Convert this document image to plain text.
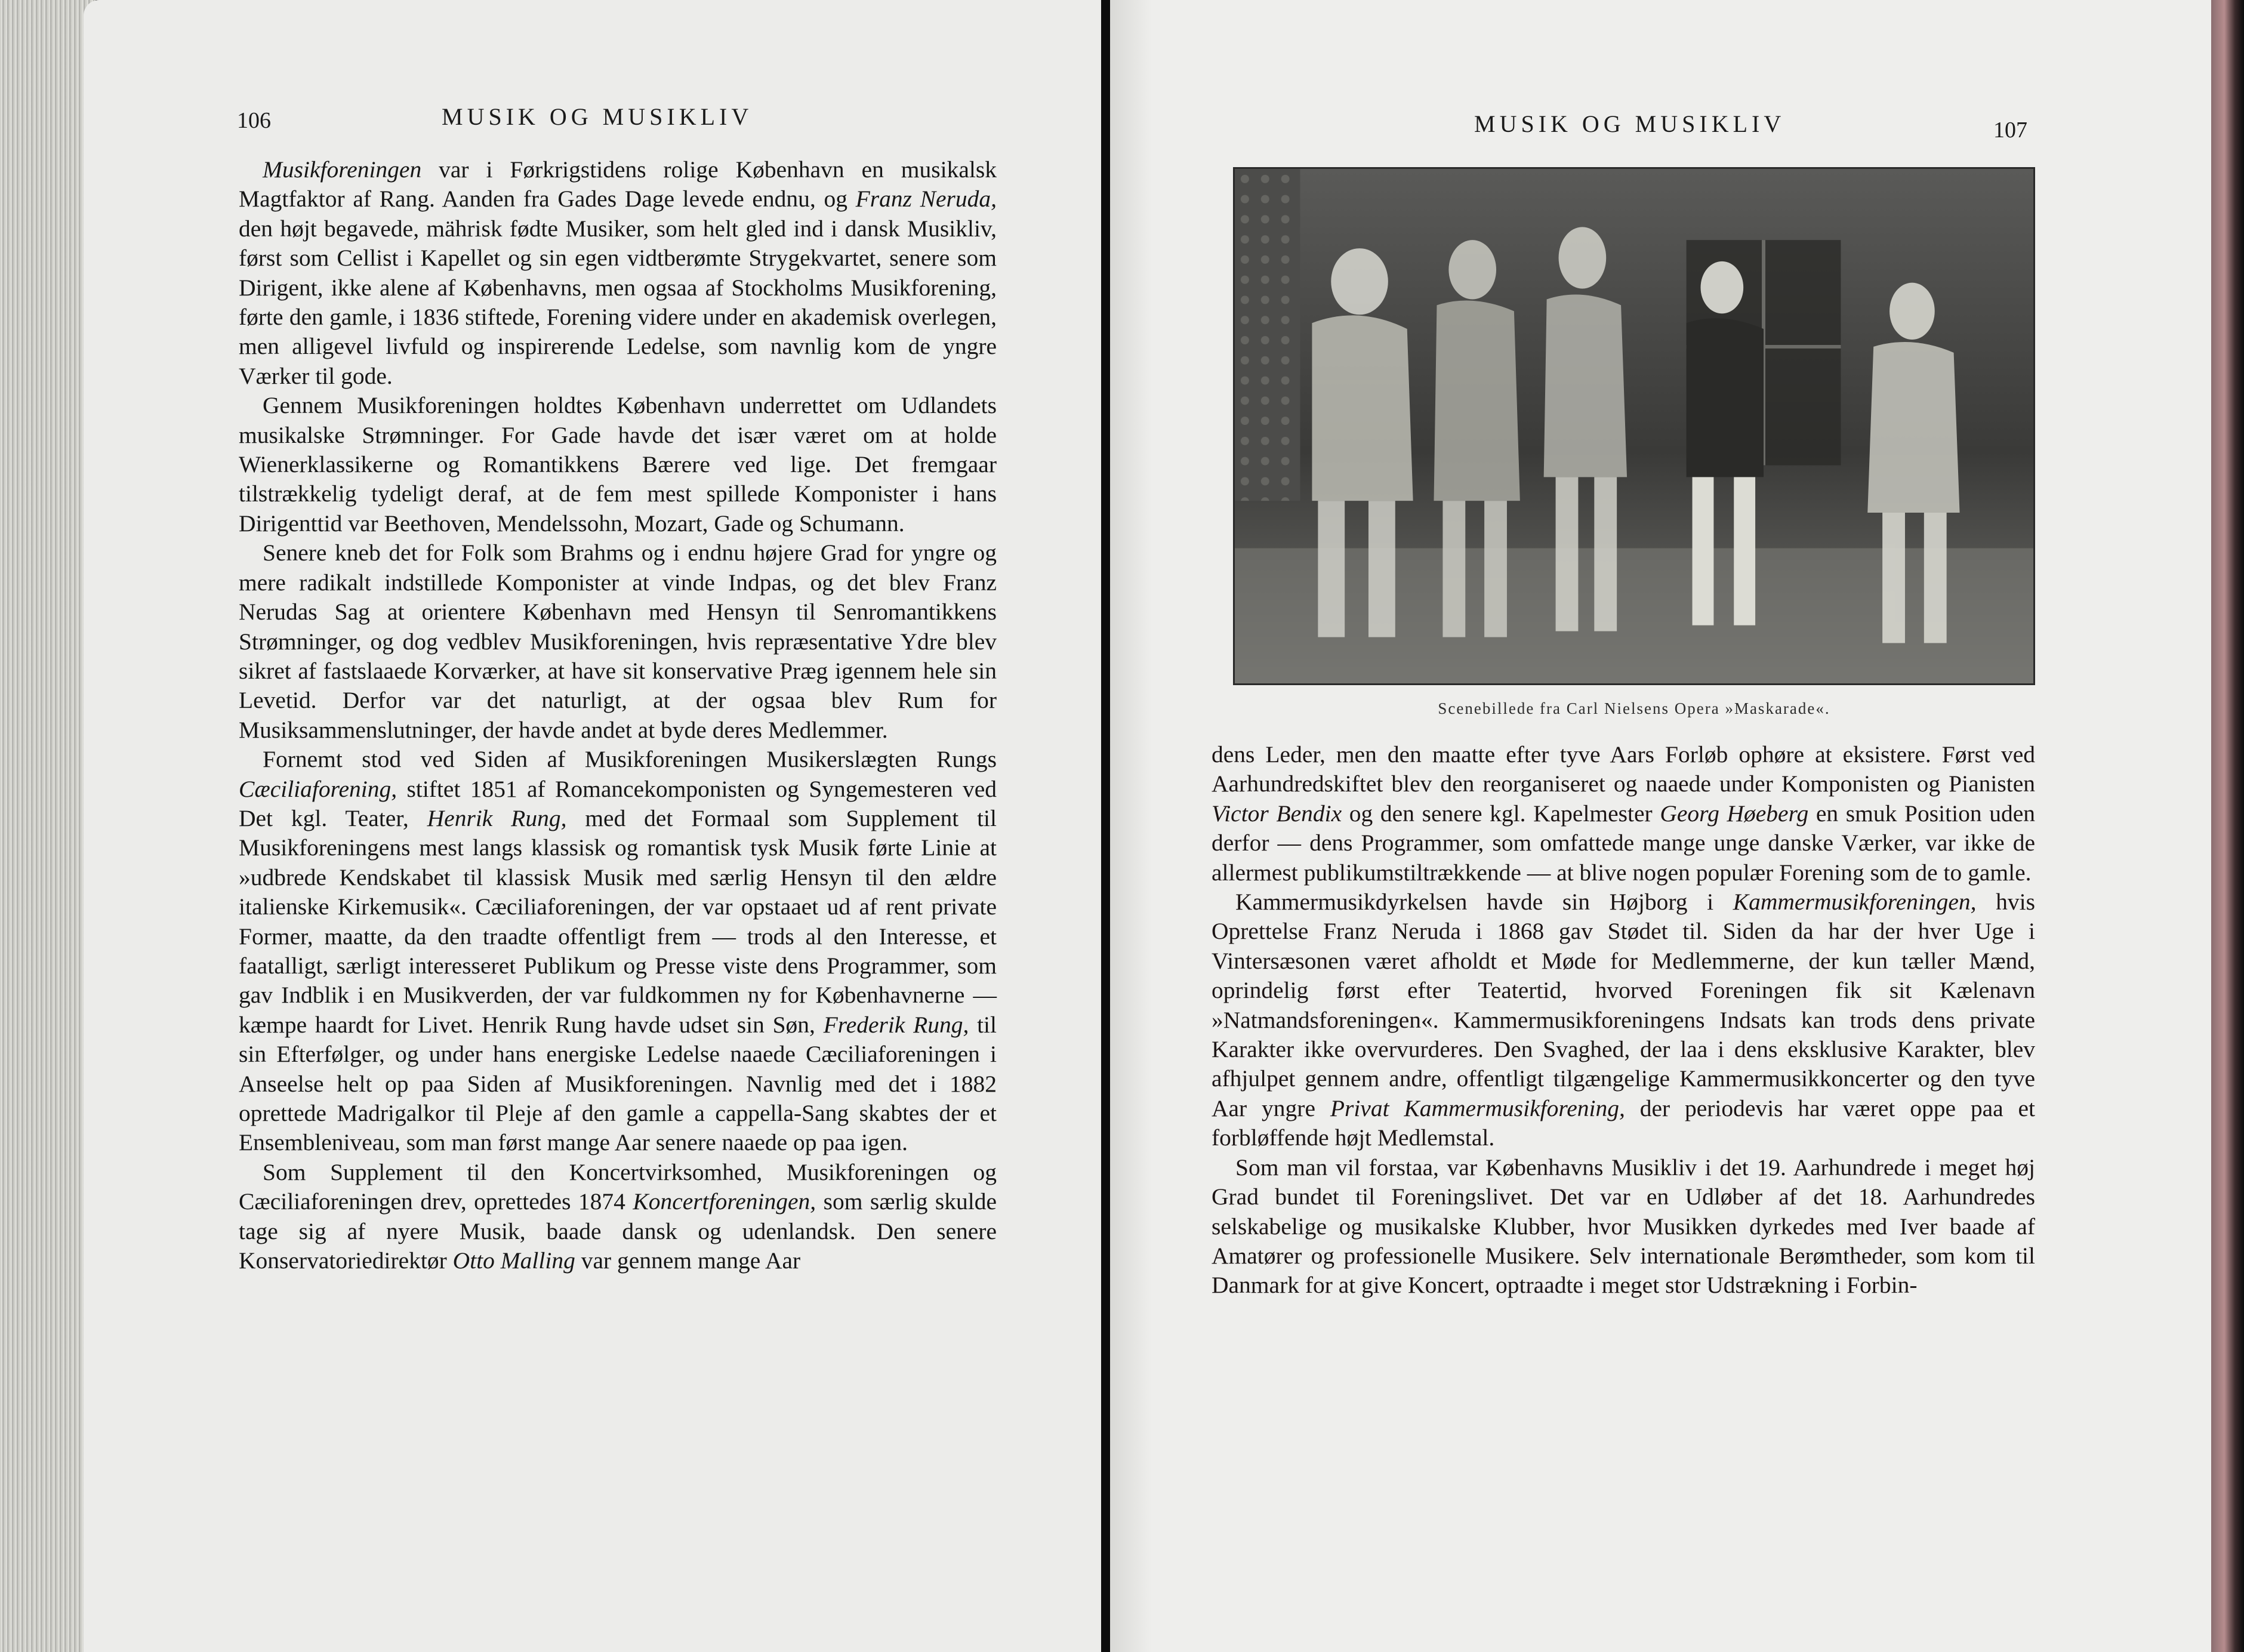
106	MUSIK OG MUSIKLIV

Musikforeningen var i Førkrigstidens rolige København en musikalsk Magtfaktor af Rang. Aanden fra Gades Dage levede endnu, og Franz Neruda, den højt begavede, mährisk fødte Musiker, som helt gled ind i dansk Musikliv, først som Cellist i Kapellet og sin egen vidtberømte Strygekvartet, senere som Dirigent, ikke alene af Københavns, men ogsaa af Stockholms Musikforening, førte den gamle, i 1836 stiftede, Forening videre under en akademisk overlegen, men alligevel livfuld og inspirerende Ledelse, som navnlig kom de yngre Værker til gode.

Gennem Musikforeningen holdtes København underrettet om Udlandets musikalske Strømninger. For Gade havde det især været om at holde Wienerklassikerne og Romantikkens Bærere ved lige. Det fremgaar tilstrækkelig tydeligt deraf, at de fem mest spillede Komponister i hans Dirigenttid var Beethoven, Mendelssohn, Mozart, Gade og Schumann.

Senere kneb det for Folk som Brahms og i endnu højere Grad for yngre og mere radikalt indstillede Komponister at vinde Indpas, og det blev Franz Nerudas Sag at orientere København med Hensyn til Senromantikkens Strømninger, og dog vedblev Musikforeningen, hvis repræsentative Ydre blev sikret af fastslaaede Korværker, at have sit konservative Præg igennem hele sin Levetid. Derfor var det naturligt, at der ogsaa blev Rum for Musiksammenslutninger, der havde andet at byde deres Medlemmer.

Fornemt stod ved Siden af Musikforeningen Musikerslægten Rungs Cæciliaforening, stiftet 1851 af Romancekomponisten og Syngemesteren ved Det kgl. Teater, Henrik Rung, med det Formaal som Supplement til Musikforeningens mest langs klassisk og romantisk tysk Musik førte Linie at »udbrede Kendskabet til klassisk Musik med særlig Hensyn til den ældre italienske Kirkemusik«. Cæciliaforeningen, der var opstaaet ud af rent private Former, maatte, da den traadte offentligt frem — trods al den Interesse, et faatalligt, særligt interesseret Publikum og Presse viste dens Programmer, som gav Indblik i en Musikverden, der var fuldkommen ny for Københavnerne — kæmpe haardt for Livet. Henrik Rung havde udset sin Søn, Frederik Rung, til sin Efterfølger, og under hans energiske Ledelse naaede Cæciliaforeningen i Anseelse helt op paa Siden af Musikforeningen. Navnlig med det i 1882 oprettede Madrigalkor til Pleje af den gamle a cappella-Sang skabtes der et Ensembleniveau, som man først mange Aar senere naaede op paa igen.

Som Supplement til den Koncertvirksomhed, Musikforeningen og Cæciliaforeningen drev, oprettedes 1874 Koncertforeningen, som særlig skulde tage sig af nyere Musik, baade dansk og udenlandsk. Den senere Konservatoriedirektør Otto Malling var gennem mange Aar

MUSIK OG MUSIKLIV	107
Scenebillede fra Carl Nielsens Opera »Maskarade«.

dens Leder, men den maatte efter tyve Aars Forløb ophøre at eksistere. Først ved Aarhundredskiftet blev den reorganiseret og naaede under Komponisten og Pianisten Victor Bendix og den senere kgl. Kapelmester Georg Høeberg en smuk Position uden derfor — dens Programmer, som omfattede mange unge danske Værker, var ikke de allermest publikumstiltrækkende — at blive nogen populær Forening som de to gamle.

Kammermusikdyrkelsen havde sin Højborg i Kammermusikforeningen, hvis Oprettelse Franz Neruda i 1868 gav Stødet til. Siden da har der hver Uge i Vintersæsonen været afholdt et Møde for Medlemmerne, der kun tæller Mænd, oprindelig først efter Teatertid, hvorved Foreningen fik sit Kælenavn »Natmandsforeningen«. Kammermusikforeningens Indsats kan trods dens private Karakter ikke overvurderes. Den Svaghed, der laa i dens eksklusive Karakter, blev afhjulpet gennem andre, offentligt tilgængelige Kammermusikkoncerter og den tyve Aar yngre Privat Kammermusikforening, der periodevis har været oppe paa et forbløffende højt Medlemstal.

Som man vil forstaa, var Københavns Musikliv i det 19. Aarhundrede i meget høj Grad bundet til Foreningslivet. Det var en Udløber af det 18. Aarhundredes selskabelige og musikalske Klubber, hvor Musikken dyrkedes med Iver baade af Amatører og professionelle Musikere. Selv internationale Berømtheder, som kom til Danmark for at give Koncert, optraadte i meget stor Udstrækning i Forbin-
